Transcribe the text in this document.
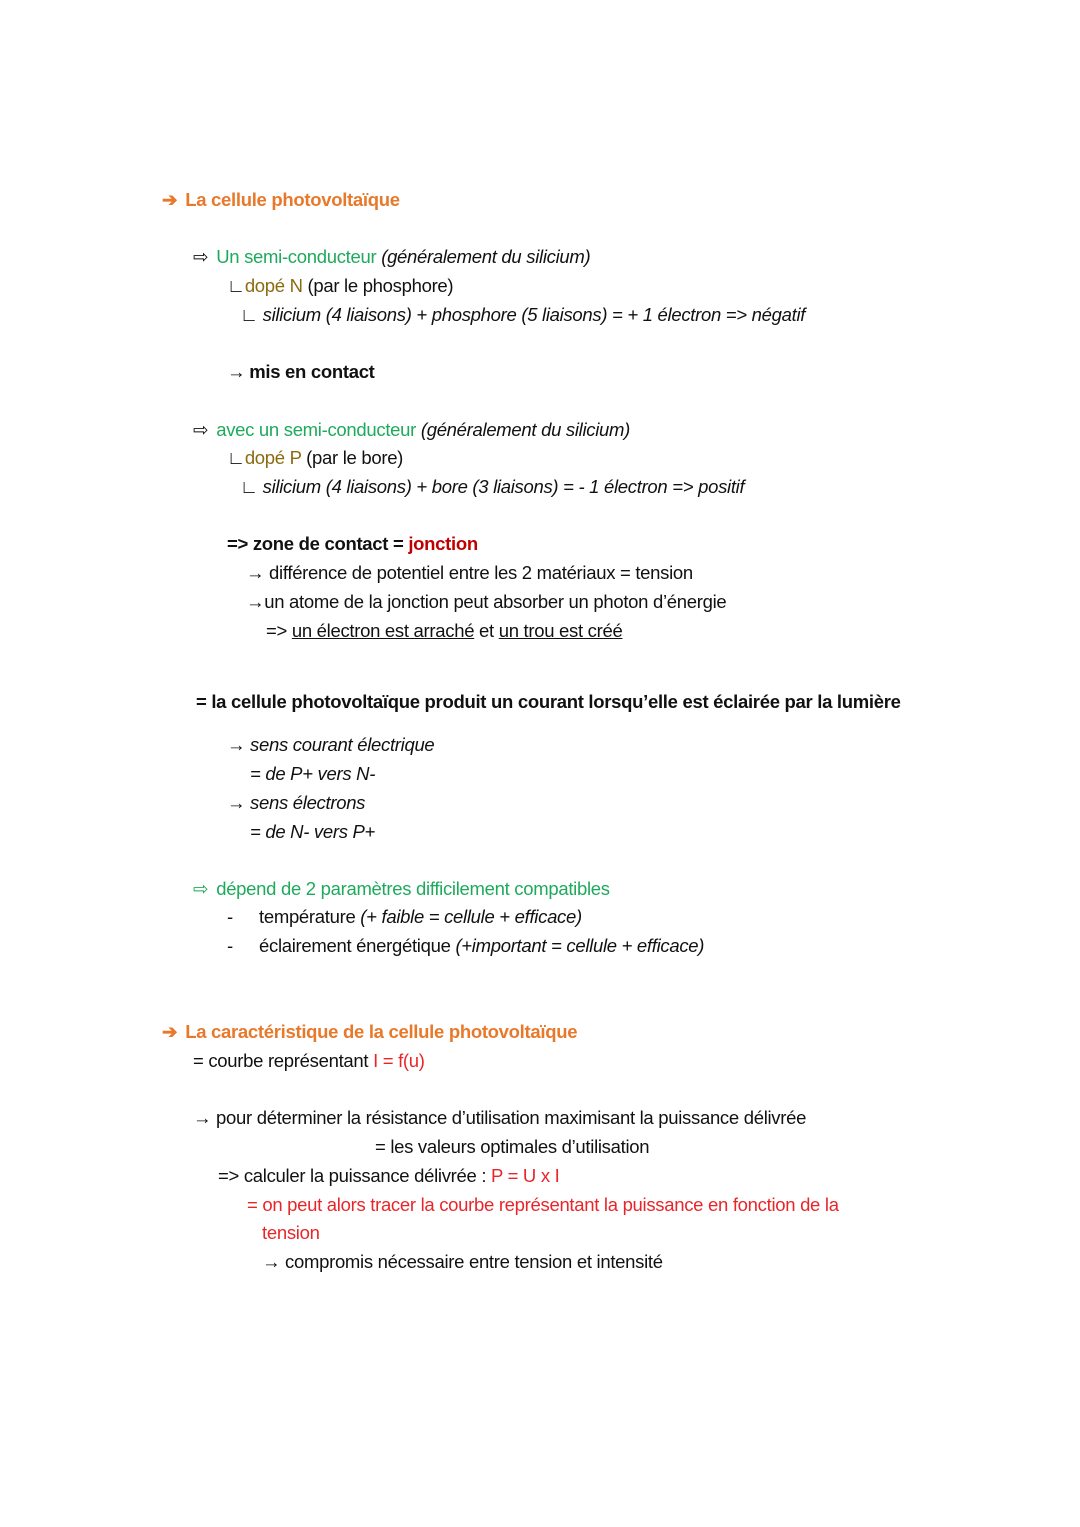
➔ La cellule photovoltaïque
⇨ Un semi-conducteur (généralement du silicium)
∟dopé N (par le phosphore)
∟ silicium (4 liaisons) + phosphore (5 liaisons) = + 1 électron => négatif
→ mis en contact
⇨ avec un semi-conducteur (généralement du silicium)
∟dopé P (par le bore)
∟ silicium (4 liaisons) + bore (3 liaisons) = - 1 électron => positif
=> zone de contact = jonction
→ différence de potentiel entre les 2 matériaux = tension
→un atome de la jonction peut absorber un photon d’énergie
=> un électron est arraché et un trou est créé
= la cellule photovoltaïque produit un courant lorsqu’elle est éclairée par la lumière
→ sens courant électrique
= de P+ vers N-
→ sens électrons
= de N- vers P+
⇨ dépend de 2 paramètres difficilement compatibles
- température (+ faible = cellule + efficace)
- éclairement énergétique (+important = cellule + efficace)
➔ La caractéristique de la cellule photovoltaïque
= courbe représentant I = f(u)
→ pour déterminer la résistance d’utilisation maximisant la puissance délivrée
= les valeurs optimales d’utilisation
=> calculer la puissance délivrée : P = U x I
= on peut alors tracer la courbe représentant la puissance en fonction de la
tension
→ compromis nécessaire entre tension et intensité
